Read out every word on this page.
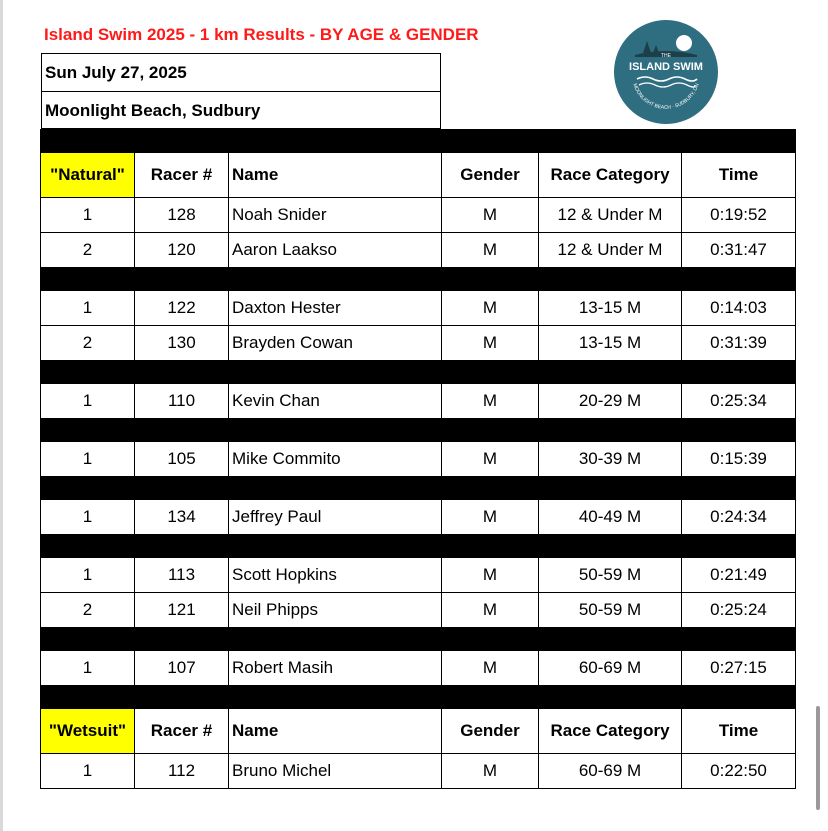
Island Swim 2025 - 1 km Results - BY AGE & GENDER
Sun July 27, 2025
Moonlight Beach, Sudbury
THE
ISLAND SWIM
MOONLIGHT BEACH · SUDBURY, ON

"Natural"	Racer #	Name	Gender	Race Category	Time
1	128	Noah Snider	M	12 & Under M	0:19:52
2	120	Aaron Laakso	M	12 & Under M	0:31:47

1	122	Daxton Hester	M	13-15 M	0:14:03
2	130	Brayden Cowan	M	13-15 M	0:31:39

1	110	Kevin Chan	M	20-29 M	0:25:34

1	105	Mike Commito	M	30-39 M	0:15:39

1	134	Jeffrey Paul	M	40-49 M	0:24:34

1	113	Scott Hopkins	M	50-59 M	0:21:49
2	121	Neil Phipps	M	50-59 M	0:25:24

1	107	Robert Masih	M	60-69 M	0:27:15

"Wetsuit"	Racer #	Name	Gender	Race Category	Time
1	112	Bruno Michel	M	60-69 M	0:22:50
